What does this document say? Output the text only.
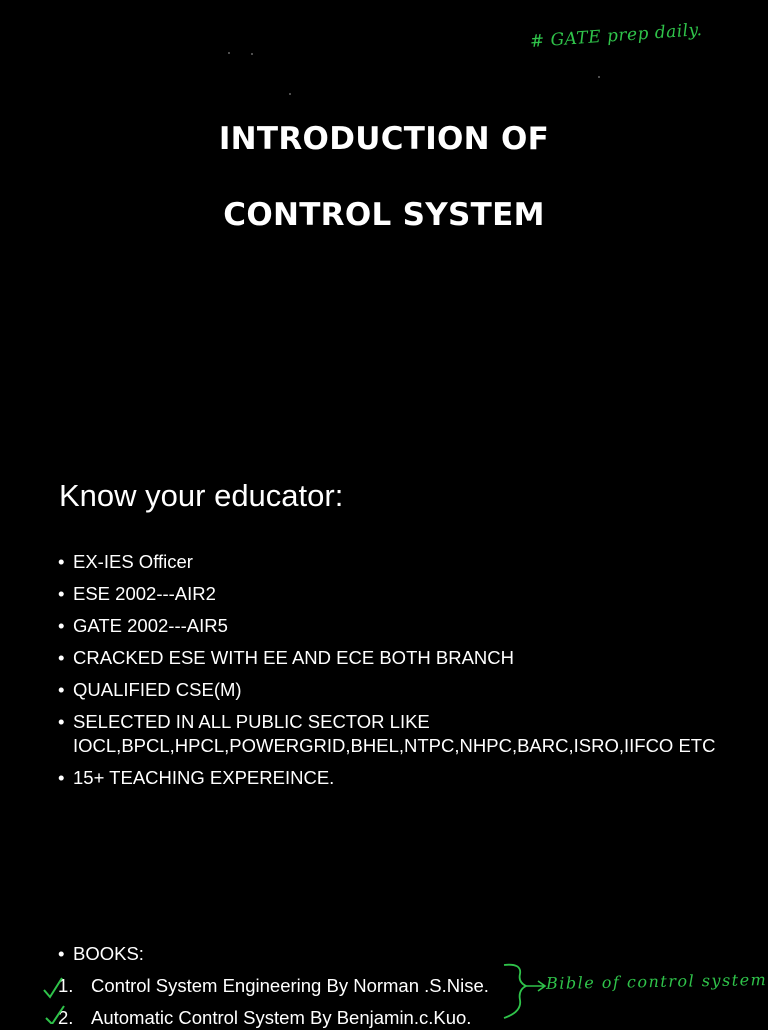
# GATE prep daily.
INTRODUCTION OF
CONTROL SYSTEM
Know your educator:
• EX-IES Officer
• ESE 2002---AIR2
• GATE 2002---AIR5
• CRACKED ESE WITH EE AND ECE BOTH BRANCH
• QUALIFIED CSE(M)
• SELECTED IN ALL PUBLIC SECTOR LIKE IOCL,BPCL,HPCL,POWERGRID,BHEL,NTPC,NHPC,BARC,ISRO,IIFCO ETC
• 15+ TEACHING EXPEREINCE.
• BOOKS:
1. Control System Engineering By Norman .S.Nise.
2. Automatic Control System By Benjamin.c.Kuo.
Bible of control system
